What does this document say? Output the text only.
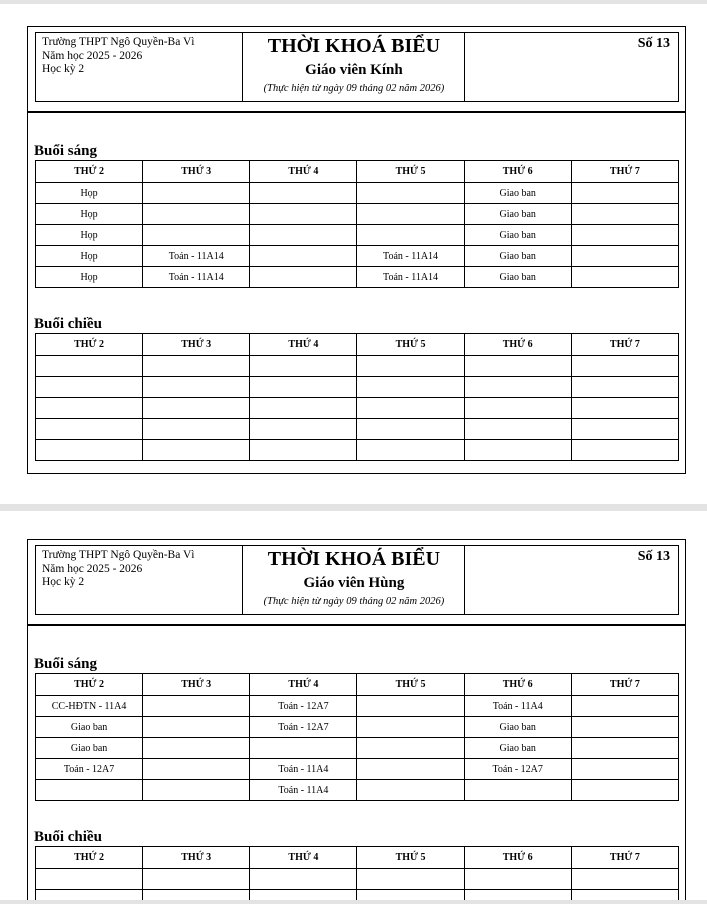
Trường THPT Ngô Quyền-Ba Vì
Năm học 2025 - 2026
Học kỳ 2
THỜI KHOÁ BIỂU
Giáo viên Kính
(Thực hiện từ ngày 09 tháng 02 năm 2026)
Số 13
Buổi sáng
THỨ 2	THỨ 3	THỨ 4	THỨ 5	THỨ 6	THỨ 7
Họp				Giao ban	
Họp				Giao ban	
Họp				Giao ban	
Họp	Toán - 11A14		Toán - 11A14	Giao ban	
Họp	Toán - 11A14		Toán - 11A14	Giao ban	
Buổi chiều
THỨ 2	THỨ 3	THỨ 4	THỨ 5	THỨ 6	THỨ 7

Trường THPT Ngô Quyền-Ba Vì
Năm học 2025 - 2026
Học kỳ 2
THỜI KHOÁ BIỂU
Giáo viên Hùng
(Thực hiện từ ngày 09 tháng 02 năm 2026)
Số 13
Buổi sáng
THỨ 2	THỨ 3	THỨ 4	THỨ 5	THỨ 6	THỨ 7
CC-HĐTN - 11A4		Toán - 12A7		Toán - 11A4	
Giao ban		Toán - 12A7		Giao ban	
Giao ban				Giao ban	
Toán - 12A7		Toán - 11A4		Toán - 12A7	
		Toán - 11A4			
Buổi chiều
THỨ 2	THỨ 3	THỨ 4	THỨ 5	THỨ 6	THỨ 7
